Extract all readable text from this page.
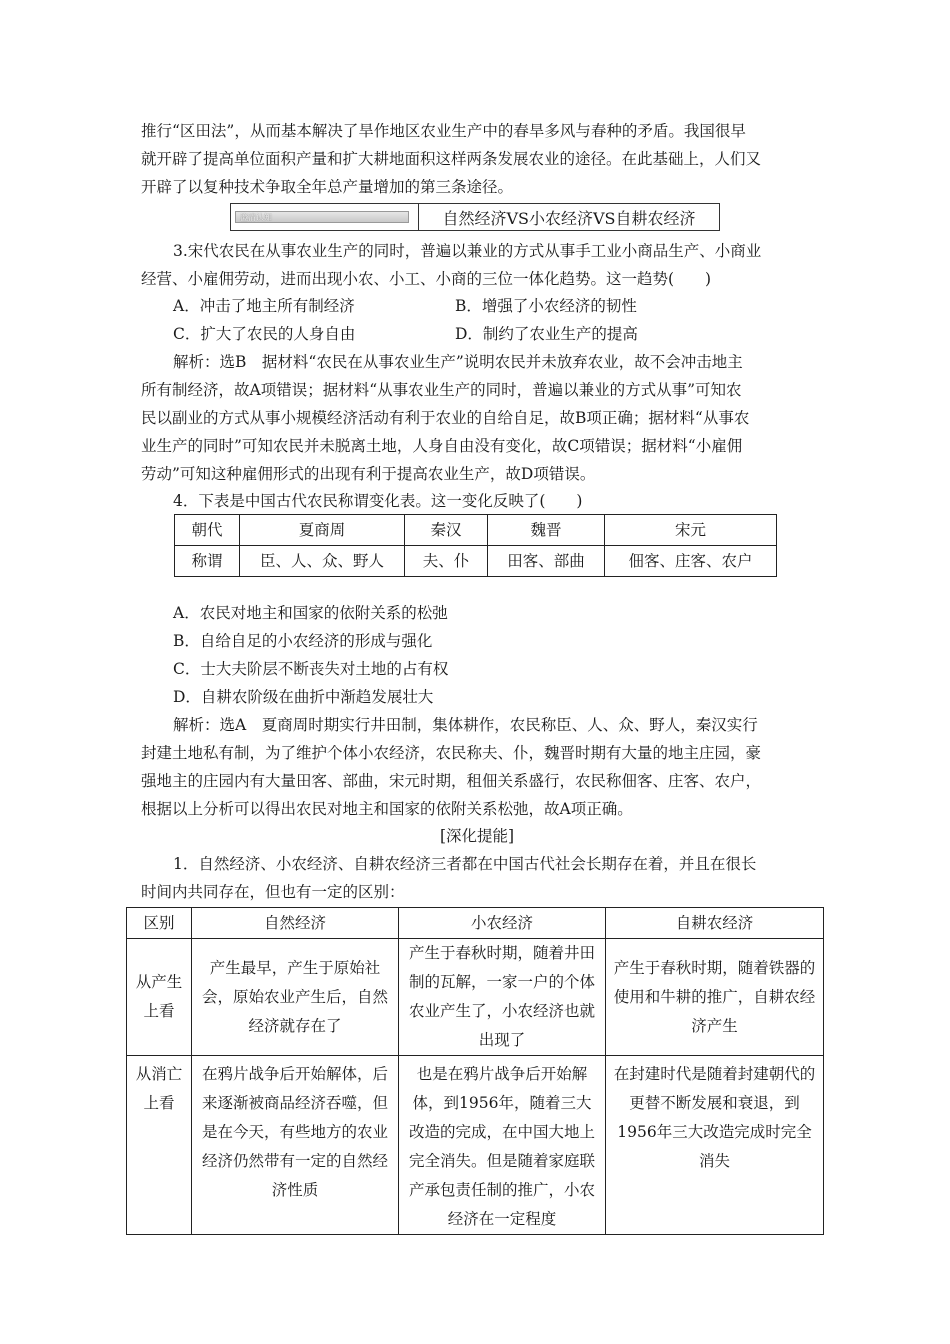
推行“区田法”，从而基本解决了旱作地区农业生产中的春旱多风与春种的矛盾。我国很早
就开辟了提高单位面积产量和扩大耕地面积这样两条发展农业的途径。在此基础上，人们又
开辟了以复种技术争取全年总产量增加的第三条途径。
澄清认知	自然经济VS小农经济VS自耕农经济
3.宋代农民在从事农业生产的同时，普遍以兼业的方式从事手工业小商品生产、小商业
经营、小雇佣劳动，进而出现小农、小工、小商的三位一体化趋势。这一趋势(　　)
A．冲击了地主所有制经济	B．增强了小农经济的韧性
C．扩大了农民的人身自由	D．制约了农业生产的提高
解析：选B　据材料“农民在从事农业生产”说明农民并未放弃农业，故不会冲击地主
所有制经济，故A项错误；据材料“从事农业生产的同时，普遍以兼业的方式从事”可知农
民以副业的方式从事小规模经济活动有利于农业的自给自足，故B项正确；据材料“从事农
业生产的同时”可知农民并未脱离土地，人身自由没有变化，故C项错误；据材料“小雇佣
劳动”可知这种雇佣形式的出现有利于提高农业生产，故D项错误。
4．下表是中国古代农民称谓变化表。这一变化反映了(　　)
朝代	夏商周	秦汉	魏晋	宋元
称谓	臣、人、众、野人	夫、仆	田客、部曲	佃客、庄客、农户
A．农民对地主和国家的依附关系的松弛
B．自给自足的小农经济的形成与强化
C．士大夫阶层不断丧失对土地的占有权
D．自耕农阶级在曲折中渐趋发展壮大
解析：选A　夏商周时期实行井田制，集体耕作，农民称臣、人、众、野人，秦汉实行
封建土地私有制，为了维护个体小农经济，农民称夫、仆，魏晋时期有大量的地主庄园，豪
强地主的庄园内有大量田客、部曲，宋元时期，租佃关系盛行，农民称佃客、庄客、农户，
根据以上分析可以得出农民对地主和国家的依附关系松弛，故A项正确。
[深化提能]
1．自然经济、小农经济、自耕农经济三者都在中国古代社会长期存在着，并且在很长
时间内共同存在，但也有一定的区别：
区别	自然经济	小农经济	自耕农经济
从产生上看	产生最早，产生于原始社会，原始农业产生后，自然经济就存在了	产生于春秋时期，随着井田制的瓦解，一家一户的个体农业产生了，小农经济也就出现了	产生于春秋时期，随着铁器的使用和牛耕的推广，自耕农经济产生
从消亡上看	在鸦片战争后开始解体，后来逐渐被商品经济吞噬，但是在今天，有些地方的农业经济仍然带有一定的自然经济性质	也是在鸦片战争后开始解体，到1956年，随着三大改造的完成，在中国大地上完全消失。但是随着家庭联产承包责任制的推广，小农经济在一定程度	在封建时代是随着封建朝代的更替不断发展和衰退，到1956年三大改造完成时完全消失
